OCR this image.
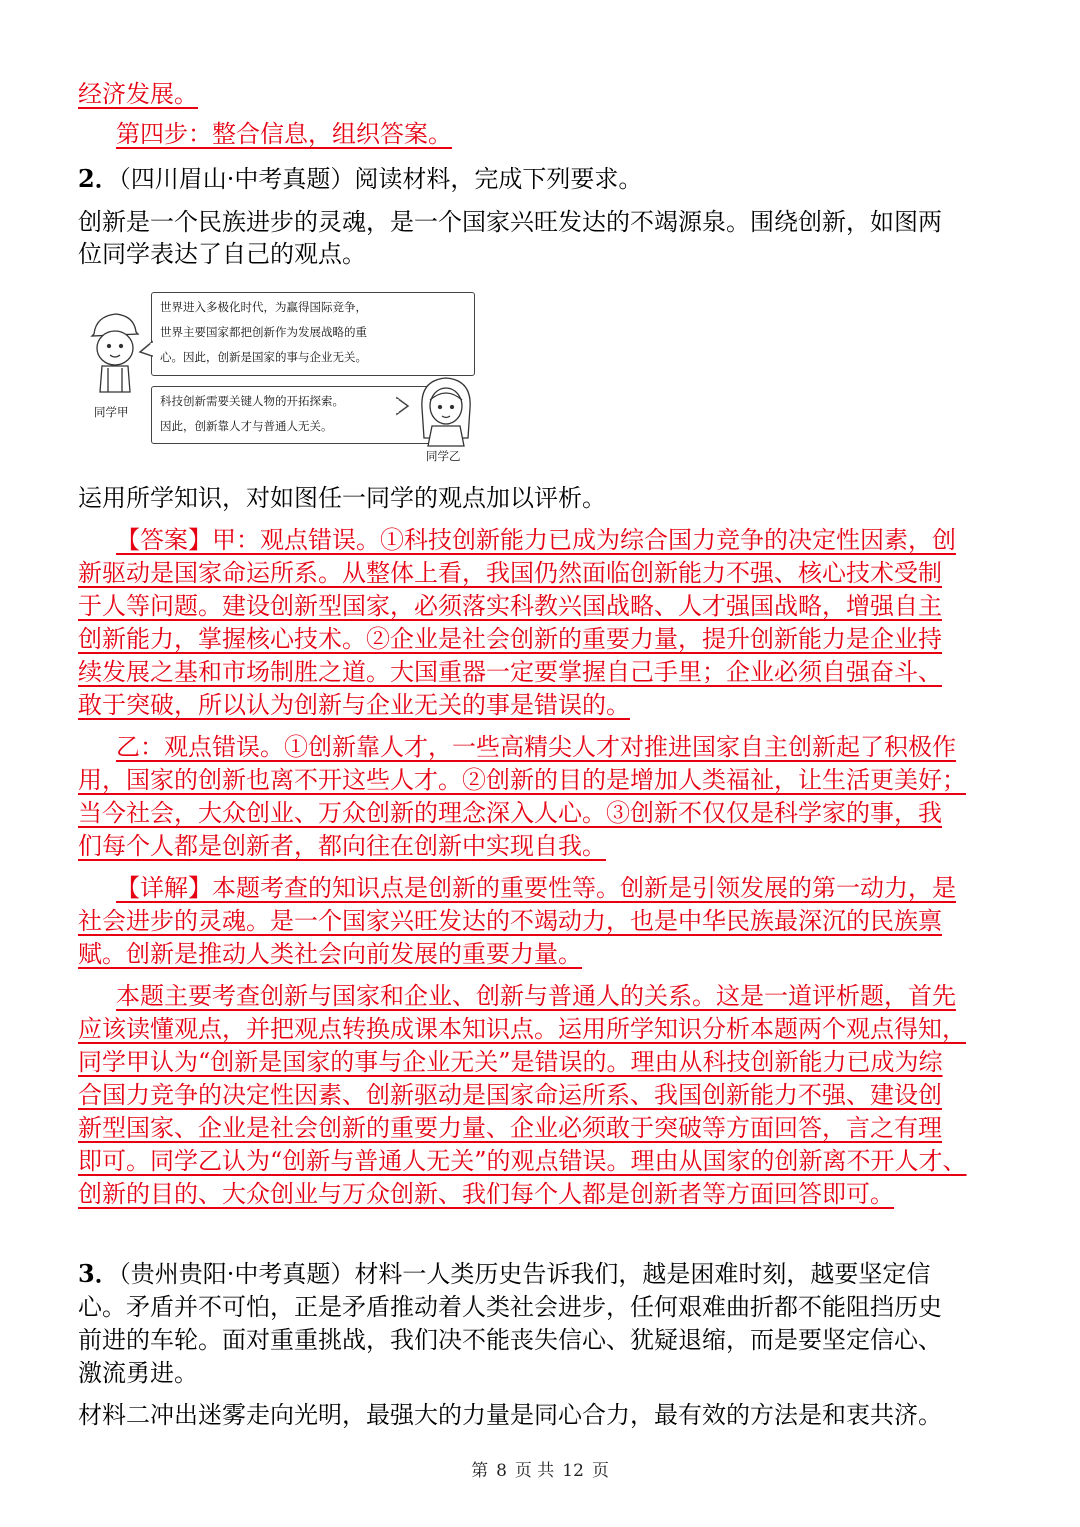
经济发展。
第四步：整合信息，组织答案。
2．（四川眉山·中考真题）阅读材料，完成下列要求。
创新是一个民族进步的灵魂，是一个国家兴旺发达的不竭源泉。围绕创新，如图两
位同学表达了自己的观点。
世界进入多极化时代，为赢得国际竞争，
世界主要国家都把创新作为发展战略的重
心。因此，创新是国家的事与企业无关。
科技创新需要关键人物的开拓探索。
因此，创新靠人才与普通人无关。
同学甲
同学乙
运用所学知识，对如图任一同学的观点加以评析。
【答案】甲：观点错误。①科技创新能力已成为综合国力竞争的决定性因素，创
新驱动是国家命运所系。从整体上看，我国仍然面临创新能力不强、核心技术受制
于人等问题。建设创新型国家，必须落实科教兴国战略、人才强国战略，增强自主
创新能力，掌握核心技术。②企业是社会创新的重要力量，提升创新能力是企业持
续发展之基和市场制胜之道。大国重器一定要掌握自己手里；企业必须自强奋斗、
敢于突破，所以认为创新与企业无关的事是错误的。
乙：观点错误。①创新靠人才，一些高精尖人才对推进国家自主创新起了积极作
用，国家的创新也离不开这些人才。②创新的目的是增加人类福祉，让生活更美好；
当今社会，大众创业、万众创新的理念深入人心。③创新不仅仅是科学家的事，我
们每个人都是创新者，都向往在创新中实现自我。
【详解】本题考查的知识点是创新的重要性等。创新是引领发展的第一动力，是
社会进步的灵魂。是一个国家兴旺发达的不竭动力，也是中华民族最深沉的民族禀
赋。创新是推动人类社会向前发展的重要力量。
本题主要考查创新与国家和企业、创新与普通人的关系。这是一道评析题，首先
应该读懂观点，并把观点转换成课本知识点。运用所学知识分析本题两个观点得知，
同学甲认为“创新是国家的事与企业无关”是错误的。理由从科技创新能力已成为综
合国力竞争的决定性因素、创新驱动是国家命运所系、我国创新能力不强、建设创
新型国家、企业是社会创新的重要力量、企业必须敢于突破等方面回答，言之有理
即可。同学乙认为“创新与普通人无关”的观点错误。理由从国家的创新离不开人才、
创新的目的、大众创业与万众创新、我们每个人都是创新者等方面回答即可。
3．（贵州贵阳·中考真题）材料一人类历史告诉我们，越是困难时刻，越要坚定信
心。矛盾并不可怕，正是矛盾推动着人类社会进步，任何艰难曲折都不能阻挡历史
前进的车轮。面对重重挑战，我们决不能丧失信心、犹疑退缩，而是要坚定信心、
激流勇进。
材料二冲出迷雾走向光明，最强大的力量是同心合力，最有效的方法是和衷共济。
第 8 页 共 12 页
